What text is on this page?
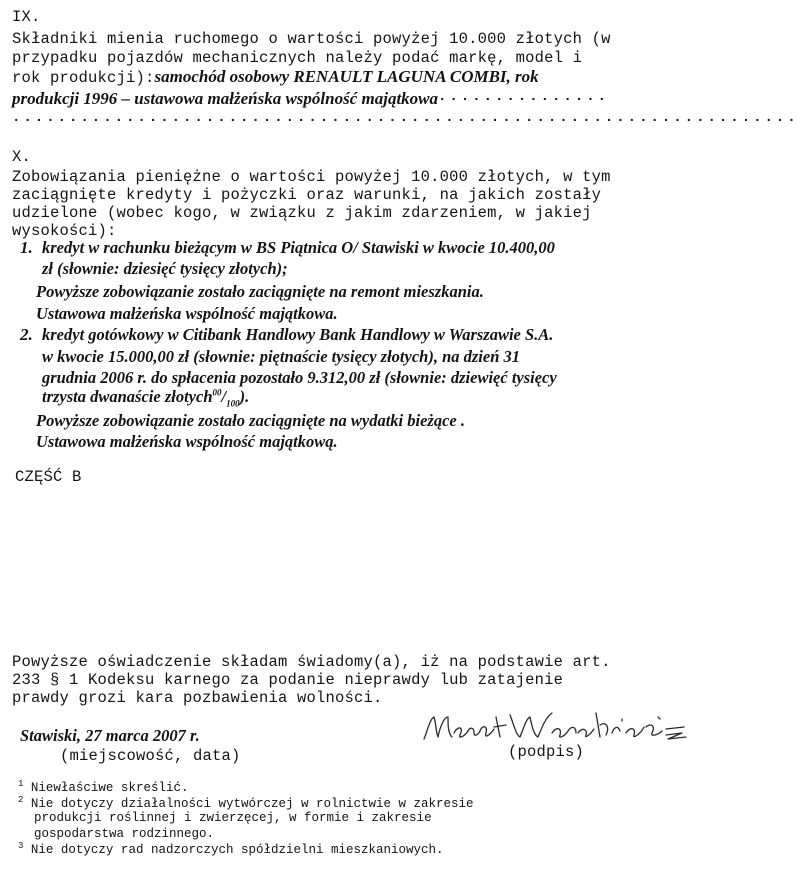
IX.
Składniki mienia ruchomego o wartości powyżej 10.000 złotych (w
przypadku pojazdów mechanicznych należy podać markę, model i
rok produkcji):samochód osobowy RENAULT LAGUNA COMBI, rok
produkcji 1996 – ustawowa małżeńska wspólność majątkowa ...............
.....................................................................
X.
Zobowiązania pieniężne o wartości powyżej 10.000 złotych, w tym
zaciągnięte kredyty i pożyczki oraz warunki, na jakich zostały
udzielone (wobec kogo, w związku z jakim zdarzeniem, w jakiej
wysokości):
1. kredyt w rachunku bieżącym w BS Piątnica O/ Stawiski w kwocie 10.400,00
zł (słownie: dziesięć tysięcy złotych);
Powyższe zobowiązanie zostało zaciągnięte na remont mieszkania.
Ustawowa małżeńska wspólność majątkowa.
2. kredyt gotówkowy w Citibank Handlowy Bank Handlowy w Warszawie S.A.
w kwocie 15.000,00 zł (słownie: piętnaście tysięcy złotych), na dzień 31
grudnia 2006 r. do spłacenia pozostało 9.312,00 zł (słownie: dziewięć tysięcy
trzysta dwanaście $złotych^{00}/_{100}$).
Powyższe zobowiązanie zostało zaciągnięte na wydatki bieżące .
Ustawowa małżeńska wspólność majątkową.
CZĘŚĆ B
Powyższe oświadczenie składam świadomy(a), iż na podstawie art.
233 § 1 Kodeksu karnego za podanie nieprawdy lub zatajenie
prawdy grozi kara pozbawienia wolności.
Stawiski, 27 marca 2007 r.
(miejscowość, data)	(podpis)
$^1$ Niewłaściwe skreślić.
$^2$ Nie dotyczy działalności wytwórczej w rolnictwie w zakresie
produkcji roślinnej i zwierzęcej, w formie i zakresie
gospodarstwa rodzinnego.
$^3$ Nie dotyczy rad nadzorczych spółdzielni mieszkaniowych.
